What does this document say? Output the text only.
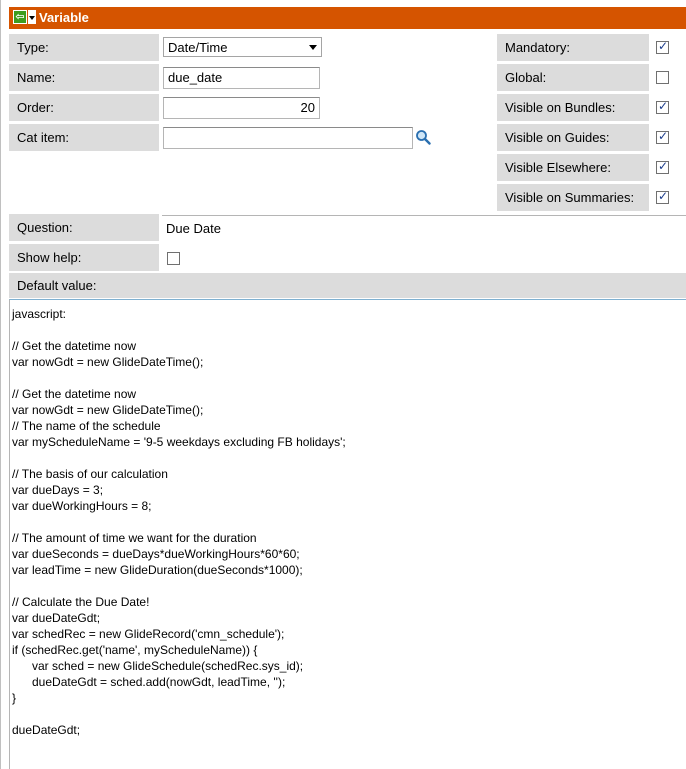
⇦ Variable
Type:
Name:
Order:
Cat item:
Date/Time
due_date
20
Mandatory:
✓
Global:
Visible on Bundles:
✓
Visible on Guides:
✓
Visible Elsewhere:
✓
Visible on Summaries:
✓
Question:	Due Date
Show help:
Default value:
javascript:

// Get the datetime now
var nowGdt = new GlideDateTime();

// Get the datetime now
var nowGdt = new GlideDateTime();
// The name of the schedule
var myScheduleName = '9-5 weekdays excluding FB holidays';

// The basis of our calculation
var dueDays = 3;
var dueWorkingHours = 8;

// The amount of time we want for the duration
var dueSeconds = dueDays*dueWorkingHours*60*60;
var leadTime = new GlideDuration(dueSeconds*1000);

// Calculate the Due Date!
var dueDateGdt;
var schedRec = new GlideRecord('cmn_schedule');
if (schedRec.get('name', myScheduleName)) {
var sched = new GlideSchedule(schedRec.sys_id);
dueDateGdt = sched.add(nowGdt, leadTime, '');
}

dueDateGdt;
